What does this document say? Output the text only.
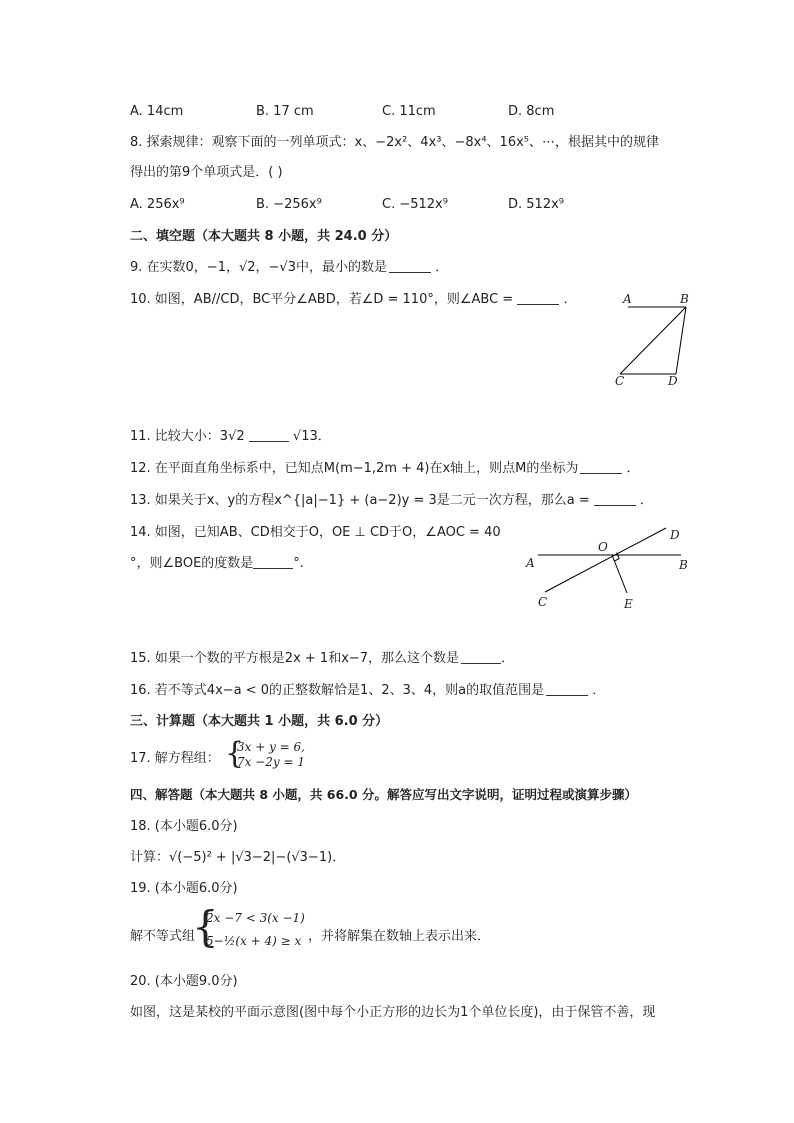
A. 14cm	B. 17 cm	C. 11cm	D. 8cm
8. 探索规律：观察下面的一列单项式：x、−2x²、4x³、−8x⁴、16x⁵、⋯，根据其中的规律
得出的第9个单项式是．( )
A. 256x⁹	B. −256x⁹	C. −512x⁹	D. 512x⁹
二、填空题（本大题共 8 小题，共 24.0 分）
9. 在实数0，−1，√2，−√3中，最小的数是	．
10. 如图，AB//CD，BC平分∠ABD，若∠D = 110°，则∠ABC =	．	A	B
C	D
11. 比较大小：3√2	√13．
12. 在平面直角坐标系中，已知点M(m−1,2m + 4)在x轴上，则点M的坐标为	．
13. 如果关于x、y的方程x^{|a|−1} + (a−2)y = 3是二元一次方程，那么a =	．
14. 如图，已知AB、CD相交于O，OE ⊥ CD于O，∠AOC = 40
°，则∠BOE的度数是	°.	A	B
C
D
O
E
15. 如果一个数的平方根是2x + 1和x−7，那么这个数是	．
16. 若不等式4x−a < 0的正整数解恰是1、2、3、4，则a的取值范围是	．
三、计算题（本大题共 1 小题，共 6.0 分）
17. 解方程组： {
3x + y = 6,
7x −2y = 1
四、解答题（本大题共 8 小题，共 66.0 分。解答应写出文字说明，证明过程或演算步骤）
18. (本小题6.0分)
计算：√(−5)² + |√3−2|−(√3−1)．
19. (本小题6.0分)
解不等式组
{
2x −7 < 3(x −1)
5−½(x + 4) ≥ x ，并将解集在数轴上表示出来．
20. (本小题9.0分)
如图，这是某校的平面示意图(图中每个小正方形的边长为1个单位长度)，由于保管不善，现
